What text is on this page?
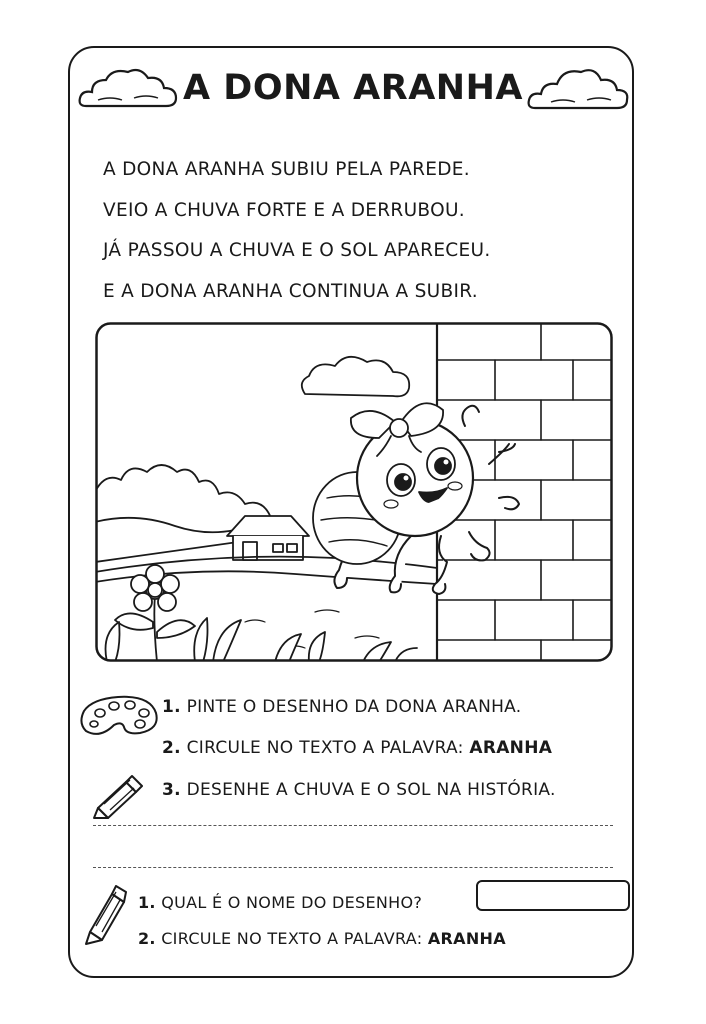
A DONA ARANHA
A DONA ARANHA SUBIU PELA PAREDE.
VEIO A CHUVA FORTE E A DERRUBOU.
JÁ PASSOU A CHUVA E O SOL APARECEU.
E A DONA ARANHA CONTINUA A SUBIR.
1. PINTE O DESENHO DA DONA ARANHA.
2. CIRCULE NO TEXTO A PALAVRA: ARANHA
3. DESENHE A CHUVA E O SOL NA HISTÓRIA.
1. QUAL É O NOME DO DESENHO?
2. CIRCULE NO TEXTO A PALAVRA: ARANHA
